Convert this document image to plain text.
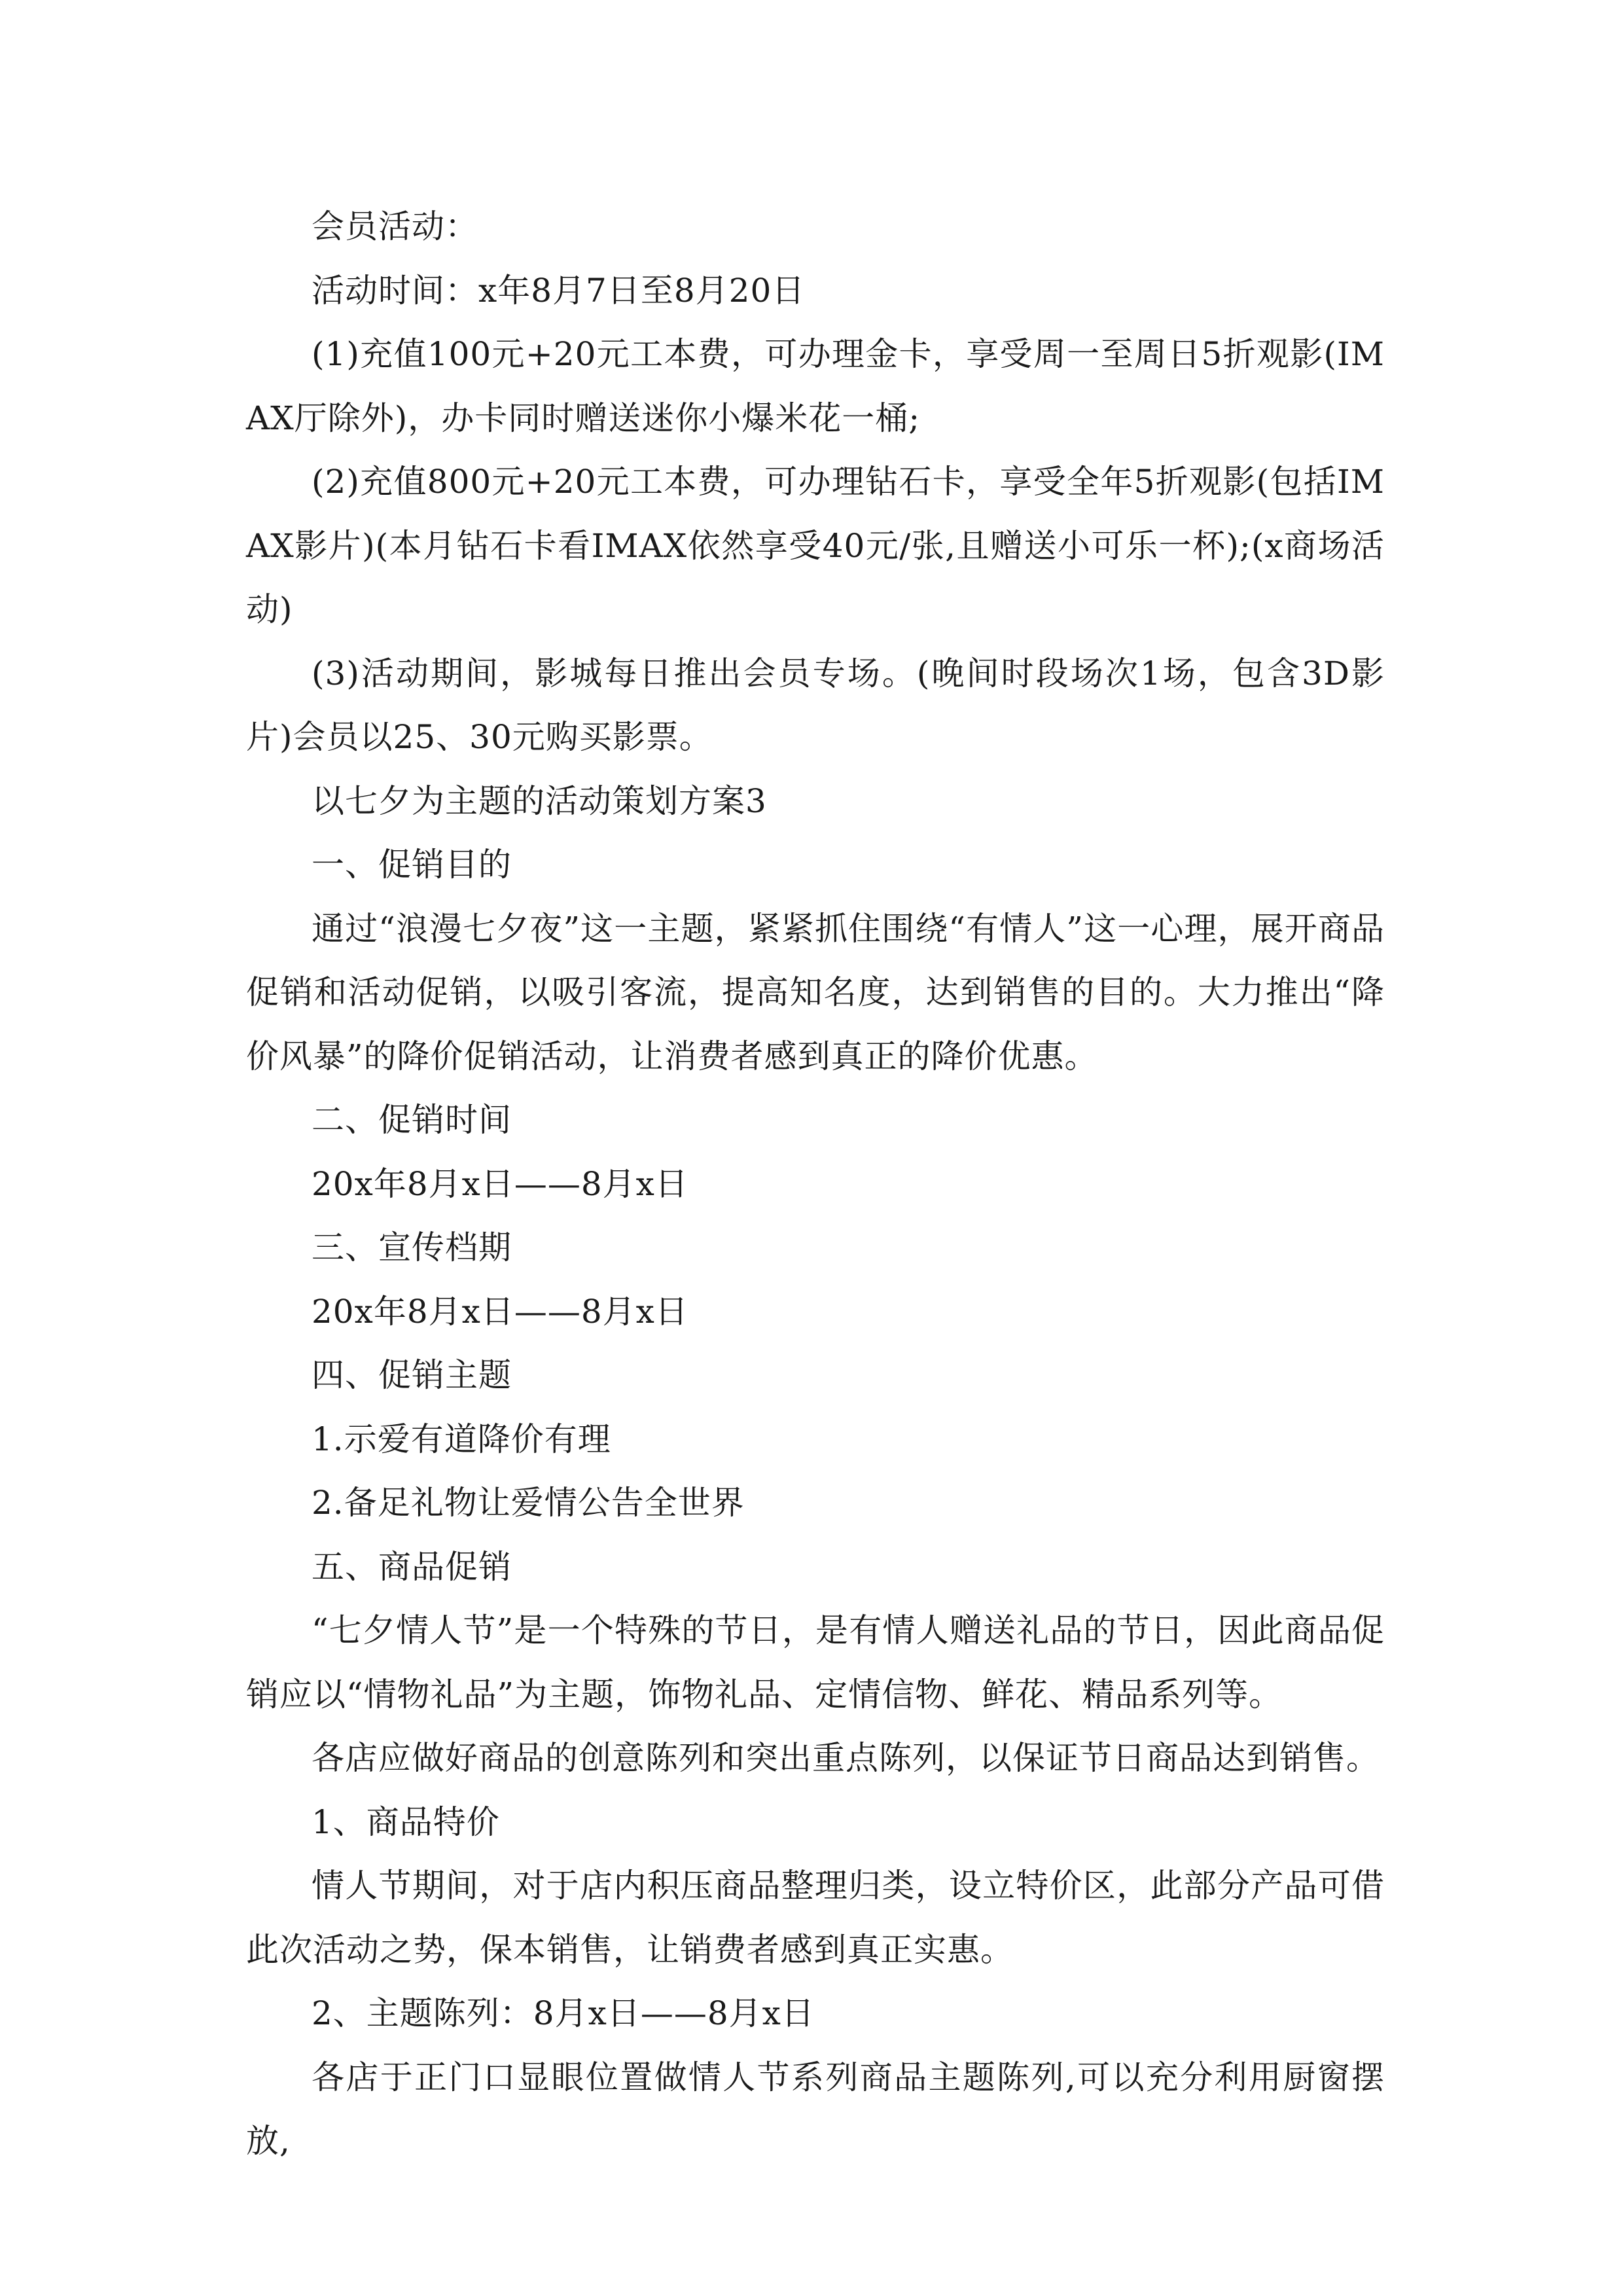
会员活动：

活动时间：x年8月7日至8月20日

(1)充值100元+20元工本费，可办理金卡，享受周一至周日5折观影(IMAX厅除外)，办卡同时赠送迷你小爆米花一桶;

(2)充值800元+20元工本费，可办理钻石卡，享受全年5折观影(包括IMAX影片)(本月钻石卡看IMAX依然享受40元/张,且赠送小可乐一杯);(x商场活动)

(3)活动期间，影城每日推出会员专场。(晚间时段场次1场，包含3D影片)会员以25、30元购买影票。

以七夕为主题的活动策划方案3

一、促销目的

通过“浪漫七夕夜”这一主题，紧紧抓住围绕“有情人”这一心理，展开商品促销和活动促销，以吸引客流，提高知名度，达到销售的目的。大力推出“降价风暴”的降价促销活动，让消费者感到真正的降价优惠。

二、促销时间

20x年8月x日——8月x日

三、宣传档期

20x年8月x日——8月x日

四、促销主题

1.示爱有道降价有理

2.备足礼物让爱情公告全世界

五、商品促销

“七夕情人节”是一个特殊的节日，是有情人赠送礼品的节日，因此商品促销应以“情物礼品”为主题，饰物礼品、定情信物、鲜花、精品系列等。

各店应做好商品的创意陈列和突出重点陈列，以保证节日商品达到销售。

1、商品特价

情人节期间，对于店内积压商品整理归类，设立特价区，此部分产品可借此次活动之势，保本销售，让销费者感到真正实惠。

2、主题陈列：8月x日——8月x日

各店于正门口显眼位置做情人节系列商品主题陈列,可以充分利用厨窗摆放,
